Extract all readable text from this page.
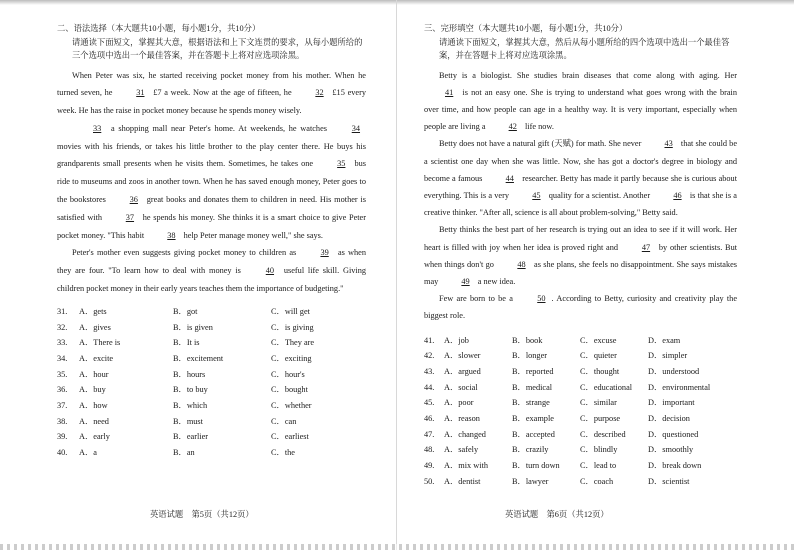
二、语法选择（本大题共10小题，每小题1分，共10分）
请通读下面短文，掌握其大意，根据语法和上下文连贯的要求，从每小题所给的三个选项中选出一个最佳答案，并在答题卡上将对应选项涂黑。

When Peter was six, he started receiving pocket money from his mother. When he turned seven, he	31 £7 a week. Now at the age of fifteen, he	32 £15 every week. He has the raise in pocket money because he spends money wisely.

33 a shopping mall near Peter's home. At weekends, he watches	34 movies with his friends, or takes his little brother to the play center there. He buys his grandparents small presents when he visits them. Sometimes, he takes one	35 bus ride to museums and zoos in another town. When he has saved enough money, Peter goes to the bookstores	36 great books and donates them to children in need. His mother is satisfied with	37 he spends his money. She thinks it is a smart choice to give Peter pocket money. "This habit	38 help Peter manage money well," she says.

Peter's mother even suggests giving pocket money to children as	39 as when they are four. "To learn how to deal with money is	40 useful life skill. Giving children pocket money in their early years teaches them the importance of budgeting."

31.	A．gets	B．got	C．will get
32.	A．gives	B．is given	C．is giving
33.	A．There is	B．It is	C．They are
34.	A．excite	B．excitement	C．exciting
35.	A．hour	B．hours	C．hour's
36.	A．buy	B．to buy	C．bought
37.	A．how	B．which	C．whether
38.	A．need	B．must	C．can
39.	A．early	B．earlier	C．earliest
40.	A．a	B．an	C．the
英语试题　第5页（共12页）
三、完形填空（本大题共10小题，每小题1分，共10分）
请通读下面短文，掌握其大意，然后从每小题所给的四个选项中选出一个最佳答案，并在答题卡上将对应选项涂黑。

Betty is a biologist. She studies brain diseases that come along with aging. Her 41 is not an easy one. She is trying to understand what goes wrong with the brain over time, and how people can age in a healthy way. It is very important, especially when people are living a	42 life now.

Betty does not have a natural gift (天赋) for math. She never	43 that she could be a scientist one day when she was little. Now, she has got a doctor's degree in biology and become a famous	44 researcher. Betty has made it partly because she is curious about everything. This is a very	45 quality for a scientist. Another	46 is that she is a creative thinker. "After all, science is all about problem-solving," Betty said.

Betty thinks the best part of her research is trying out an idea to see if it will work. Her heart is filled with joy when her idea is proved right and	47 by other scientists. But when things don't go	48 as she plans, she feels no disappointment. She says mistakes may	49 a new idea.

Few are born to be a	50 . According to Betty, curiosity and creativity play the biggest role.

41.	A．job	B．book	C．excuse	D．exam
42.	A．slower	B．longer	C．quieter	D．simpler
43.	A．argued	B．reported	C．thought	D．understood
44.	A．social	B．medical	C．educational	D．environmental
45.	A．poor	B．strange	C．similar	D．important
46.	A．reason	B．example	C．purpose	D．decision
47.	A．changed	B．accepted	C．described	D．questioned
48.	A．safely	B．crazily	C．blindly	D．smoothly
49.	A．mix with	B．turn down	C．lead to	D．break down
50.	A．dentist	B．lawyer	C．coach	D．scientist
英语试题　第6页（共12页）
